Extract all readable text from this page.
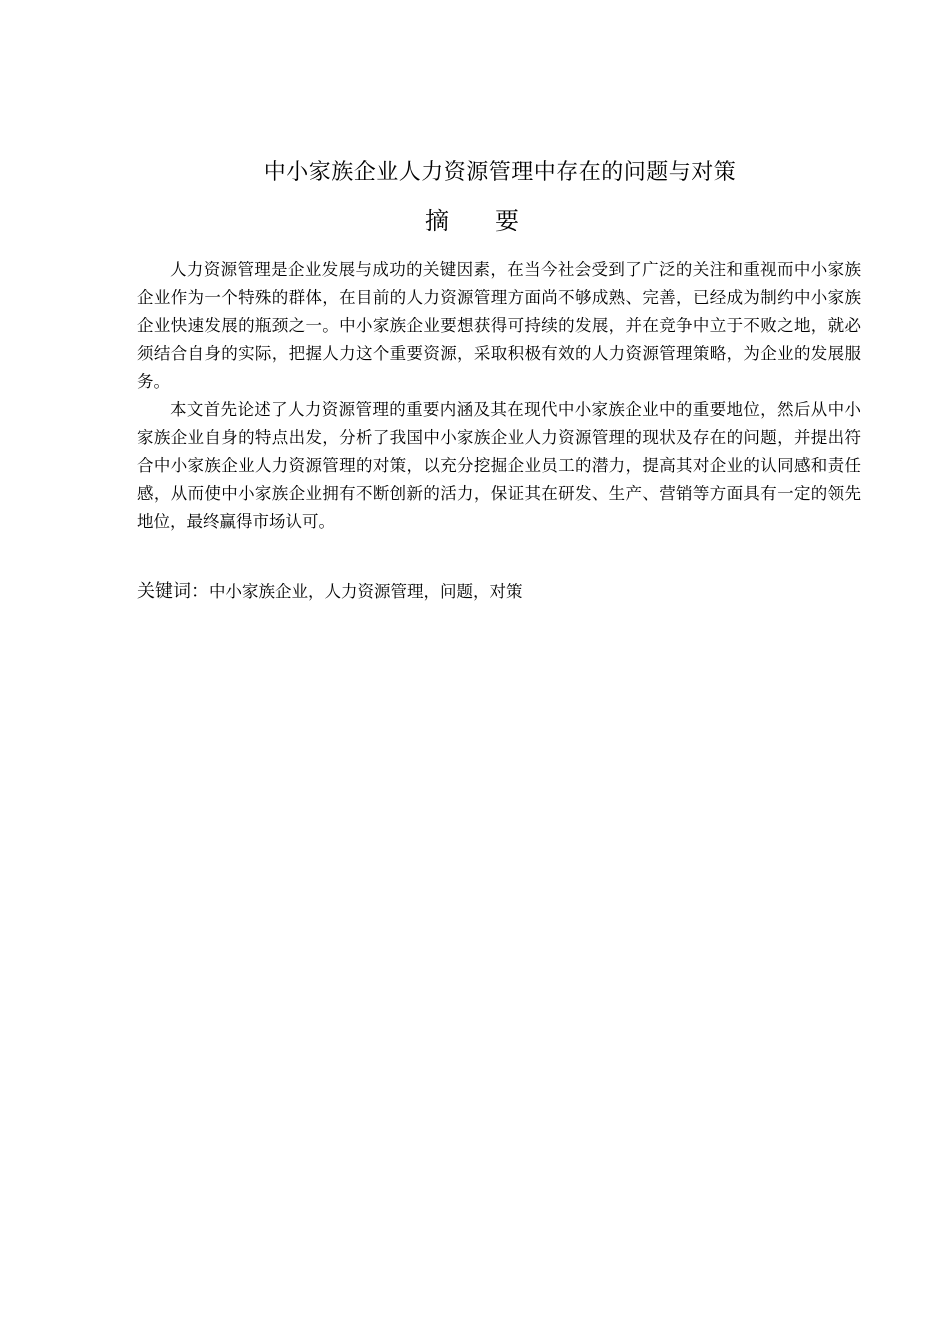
中小家族企业人力资源管理中存在的问题与对策
摘要

人力资源管理是企业发展与成功的关键因素，在当今社会受到了广泛的关注和重视而中小家族企业作为一个特殊的群体，在目前的人力资源管理方面尚不够成熟、完善，已经成为制约中小家族企业快速发展的瓶颈之一。中小家族企业要想获得可持续的发展，并在竞争中立于不败之地，就必须结合自身的实际，把握人力这个重要资源，采取积极有效的人力资源管理策略，为企业的发展服务。

本文首先论述了人力资源管理的重要内涵及其在现代中小家族企业中的重要地位，然后从中小家族企业自身的特点出发，分析了我国中小家族企业人力资源管理的现状及存在的问题，并提出符合中小家族企业人力资源管理的对策，以充分挖掘企业员工的潜力，提高其对企业的认同感和责任感，从而使中小家族企业拥有不断创新的活力，保证其在研发、生产、营销等方面具有一定的领先地位，最终赢得市场认可。

关键词：中小家族企业，人力资源管理，问题，对策
